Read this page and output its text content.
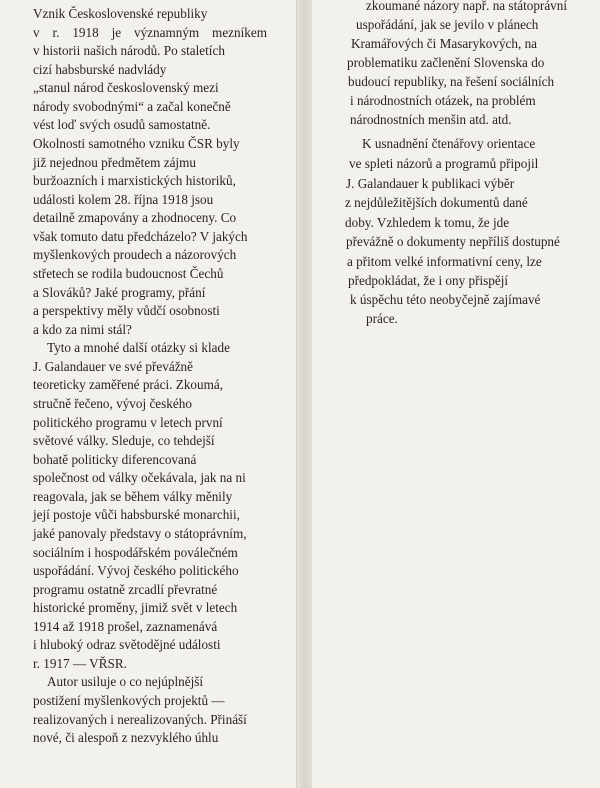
Vznik Československé republiky
v r. 1918 je významným mezníkem
v historii našich národů. Po staletích
cizí habsburské nadvlády
„stanul národ československý mezi
národy svobodnými“ a začal konečně
vést loď svých osudů samostatně.
Okolnosti samotného vzniku ČSR byly
již nejednou předmětem zájmu
buržoazních i marxistických historiků,
události kolem 28. října 1918 jsou
detailně zmapovány a zhodnoceny. Co
však tomuto datu předcházelo? V jakých
myšlenkových proudech a názorových
střetech se rodila budoucnost Čechů
a Slováků? Jaké programy, přání
a perspektivy měly vůdčí osobnosti
a kdo za nimi stál?
Tyto a mnohé další otázky si klade
J. Galandauer ve své převážně
teoreticky zaměřené práci. Zkoumá,
stručně řečeno, vývoj českého
politického programu v letech první
světové války. Sleduje, co tehdejší
bohatě politicky diferencovaná
společnost od války očekávala, jak na ni
reagovala, jak se během války měnily
její postoje vůči habsburské monarchii,
jaké panovaly představy o státoprávním,
sociálním i hospodářském poválečném
uspořádání. Vývoj českého politického
programu ostatně zrcadlí převratné
historické proměny, jimiž svět v letech
1914 až 1918 prošel, zaznamenává
i hluboký odraz světodějné události
r. 1917 — VŘSR.
Autor usiluje o co nejúplnější
postižení myšlenkových projektů —
realizovaných i nerealizovaných. Přináší
nové, či alespoň z nezvyklého úhlu
zkoumané názory např. na státoprávní
uspořádání, jak se jevilo v plánech
Kramářových či Masarykových, na
problematiku začlenění Slovenska do
budoucí republiky, na řešení sociálních
i národnostních otázek, na problém
národnostních menšin atd. atd.
K usnadnění čtenářovy orientace
ve spleti názorů a programů připojil
J. Galandauer k publikaci výběr
z nejdůležitějších dokumentů dané
doby. Vzhledem k tomu, že jde
převážně o dokumenty nepříliš dostupné
a přitom velké informativní ceny, lze
předpokládat, že i ony přispějí
k úspěchu této neobyčejně zajímavé
práce.
